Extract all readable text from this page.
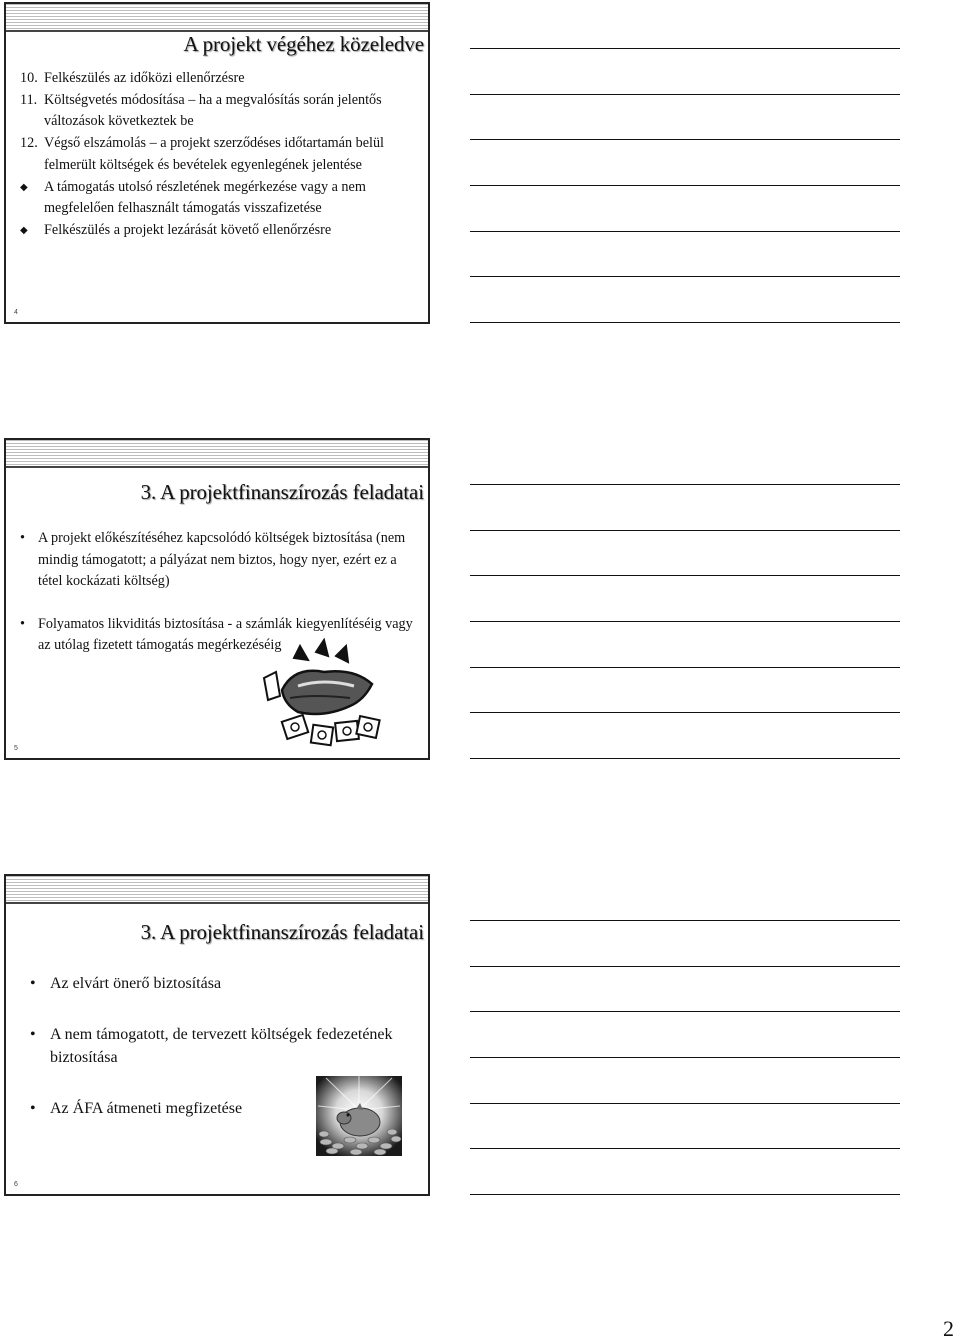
A projekt végéhez közeledve
10. Felkészülés az időközi ellenőrzésre
11. Költségvetés módosítása – ha a megvalósítás során jelentős változások következtek be
12. Végső elszámolás – a projekt szerződéses időtartamán belül felmerült költségek és bevételek egyenlegének jelentése
◆ A támogatás utolsó részletének megérkezése vagy a nem megfelelően felhasznált támogatás visszafizetése
◆ Felkészülés a projekt lezárását követő ellenőrzésre
4
3. A projektfinanszírozás feladatai
• A projekt előkészítéséhez kapcsolódó költségek biztosítása (nem mindig támogatott; a pályázat nem biztos, hogy nyer, ezért ez a tétel kockázati költség)
• Folyamatos likviditás biztosítása - a számlák kiegyenlítéséig vagy az utólag fizetett támogatás megérkezéséig
5
3. A projektfinanszírozás feladatai
• Az elvárt önerő biztosítása
• A nem támogatott, de tervezett költségek fedezetének biztosítása
• Az ÁFA átmeneti megfizetése
6
2
